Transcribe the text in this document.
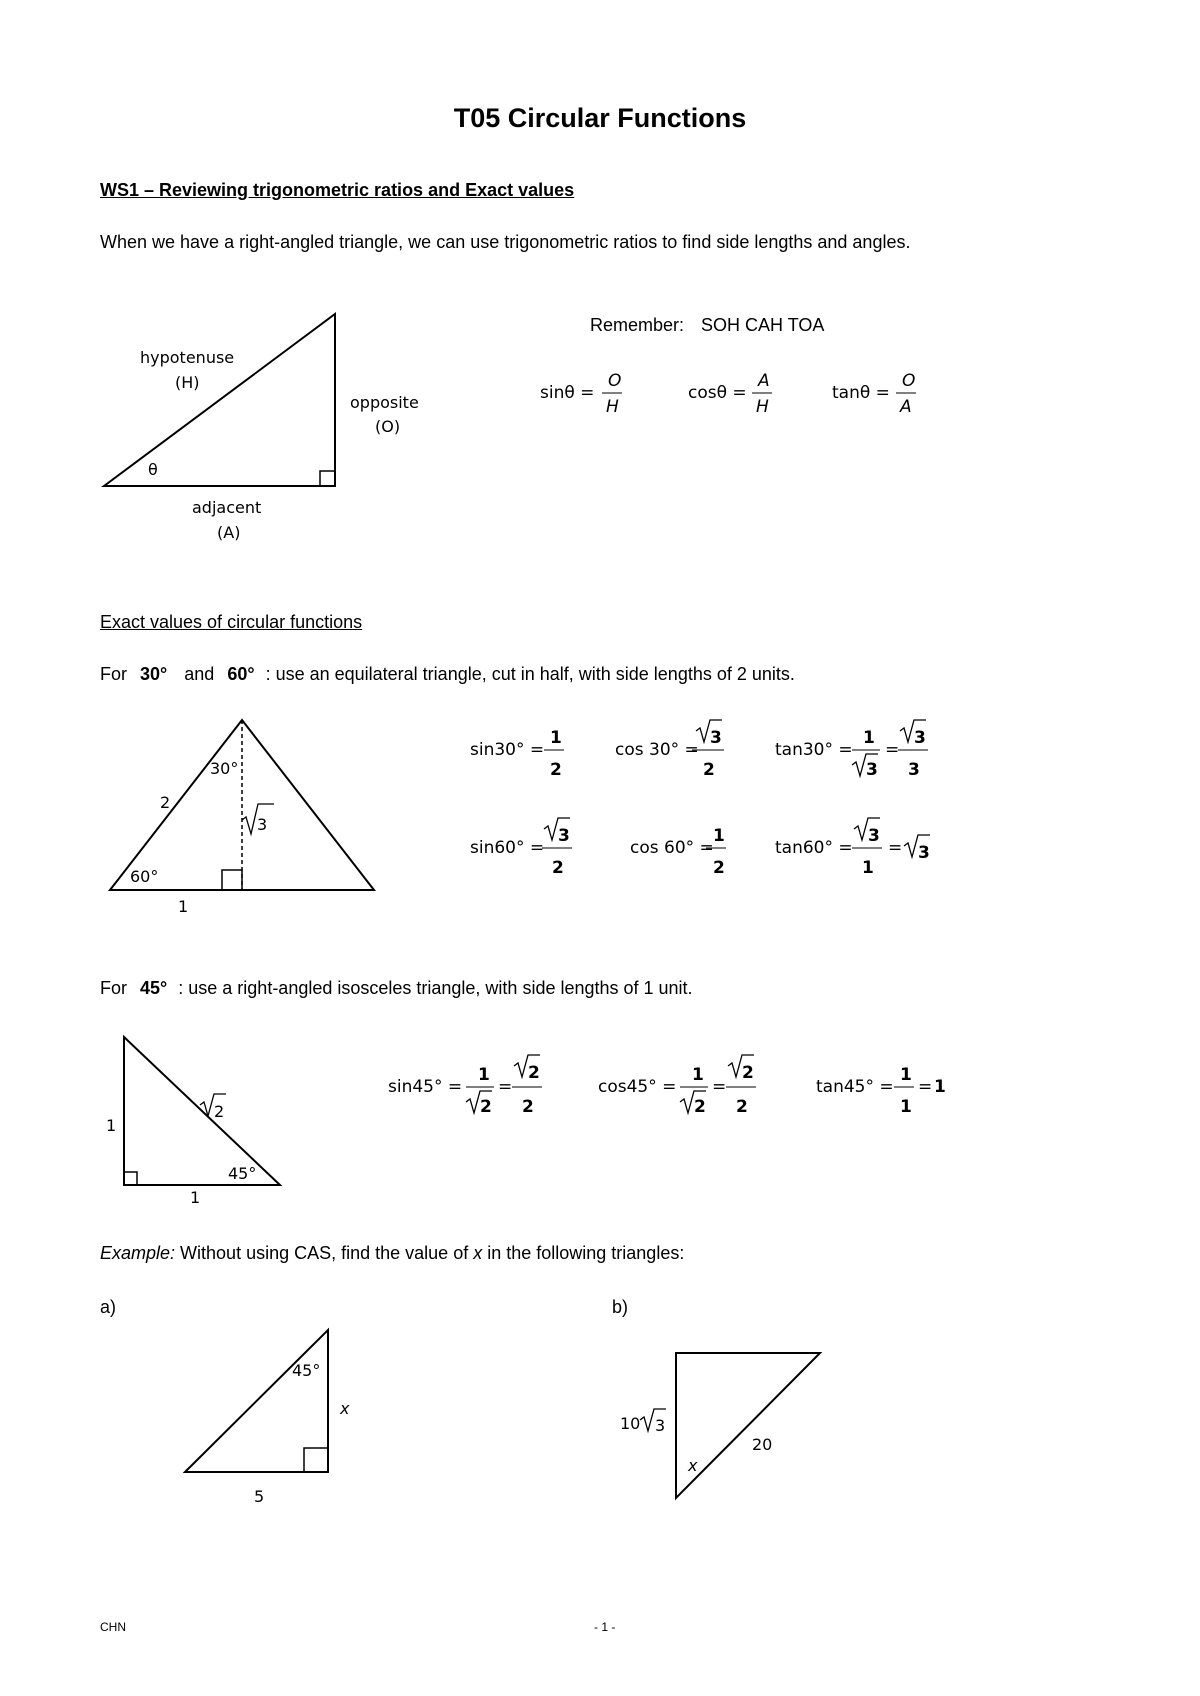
T05 Circular Functions
WS1 – Reviewing trigonometric ratios and Exact values
When we have a right-angled triangle, we can use trigonometric ratios to find side lengths and angles.
hypotenuse
(H)
opposite
(O)
θ
adjacent
(A)
Remember: SOH CAH TOA
sinθ =
O
H
cosθ =
A
H
tanθ =
O
A
Exact values of circular functions
For 30° and 60° : use an equilateral triangle, cut in half, with side lengths of 2 units.
30°
2
3
60°
1
sin30° =
1
2
cos 30° =
3
2
tan30° =
1
3
=
3
3
sin60° =
3
2
cos 60° =
1
2
tan60° =
3
1
= 3
For 45° : use a right-angled isosceles triangle, with side lengths of 1 unit.
1
2
45°
1
sin45° =
1
2
=
2
2
cos45° =
1
2
=
2
2
tan45° =
1
1
= 1
Example: Without using CAS, find the value of x in the following triangles:
a)	b)
45°
x
5
10 3
20
x
CHN	- 1 -
